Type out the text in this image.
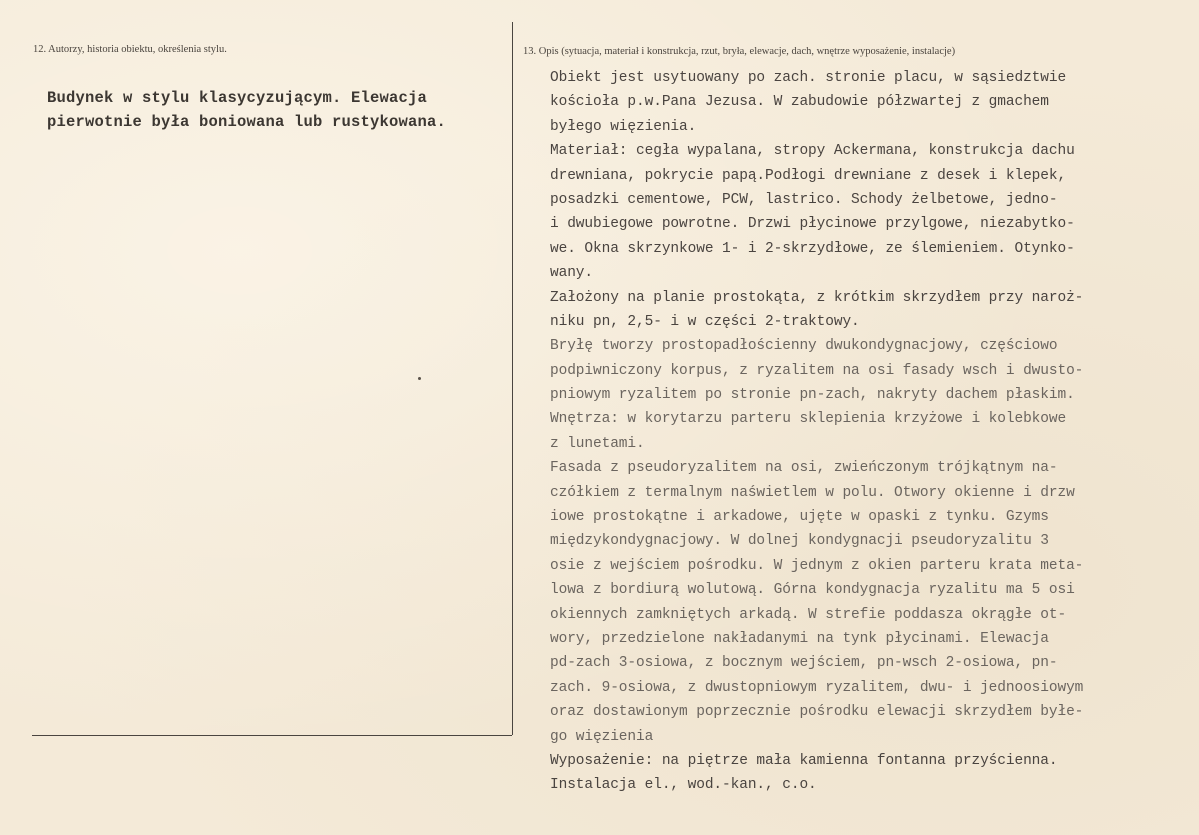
12. Autorzy, historia obiektu, określenia stylu.
Budynek w stylu klasycyzującym. Elewacja
pierwotnie była boniowana lub rustykowana.
13. Opis (sytuacja, materiał i konstrukcja, rzut, bryła, elewacje, dach, wnętrze wyposażenie, instalacje)
Obiekt jest usytuowany po zach. stronie placu, w sąsiedztwie
kościoła p.w.Pana Jezusa. W zabudowie półzwartej z gmachem
byłego więzienia.
Materiał: cegła wypalana, stropy Ackermana, konstrukcja dachu
drewniana, pokrycie papą.Podłogi drewniane z desek i klepek,
posadzki cementowe, PCW, lastrico. Schody żelbetowe, jedno-
i dwubiegowe powrotne. Drzwi płycinowe przylgowe, niezabytko-
we. Okna skrzynkowe 1- i 2-skrzydłowe, ze ślemieniem. Otynko-
wany.
Założony na planie prostokąta, z krótkim skrzydłem przy naroż-
niku pn, 2,5- i w części 2-traktowy.
Bryłę tworzy prostopadłościenny dwukondygnacjowy, częściowo
podpiwniczony korpus, z ryzalitem na osi fasady wsch i dwusto-
pniowym ryzalitem po stronie pn-zach, nakryty dachem płaskim.
Wnętrza: w korytarzu parteru sklepienia krzyżowe i kolebkowe
z lunetami.
Fasada z pseudoryzalitem na osi, zwieńczonym trójkątnym na-
czółkiem z termalnym naświetlem w polu. Otwory okienne i drzw
iowe prostokątne i arkadowe, ujęte w opaski z tynku. Gzyms
międzykondygnacjowy. W dolnej kondygnacji pseudoryzalitu 3
osie z wejściem pośrodku. W jednym z okien parteru krata meta-
lowa z bordiurą wolutową. Górna kondygnacja ryzalitu ma 5 osi
okiennych zamkniętych arkadą. W strefie poddasza okrągłe ot-
wory, przedzielone nakładanymi na tynk płycinami. Elewacja
pd-zach 3-osiowa, z bocznym wejściem, pn-wsch 2-osiowa, pn-
zach. 9-osiowa, z dwustopniowym ryzalitem, dwu- i jednoosiowym
oraz dostawionym poprzecznie pośrodku elewacji skrzydłem byłe-
go więzienia
Wyposażenie: na piętrze mała kamienna fontanna przyścienna.
Instalacja el., wod.-kan., c.o.
